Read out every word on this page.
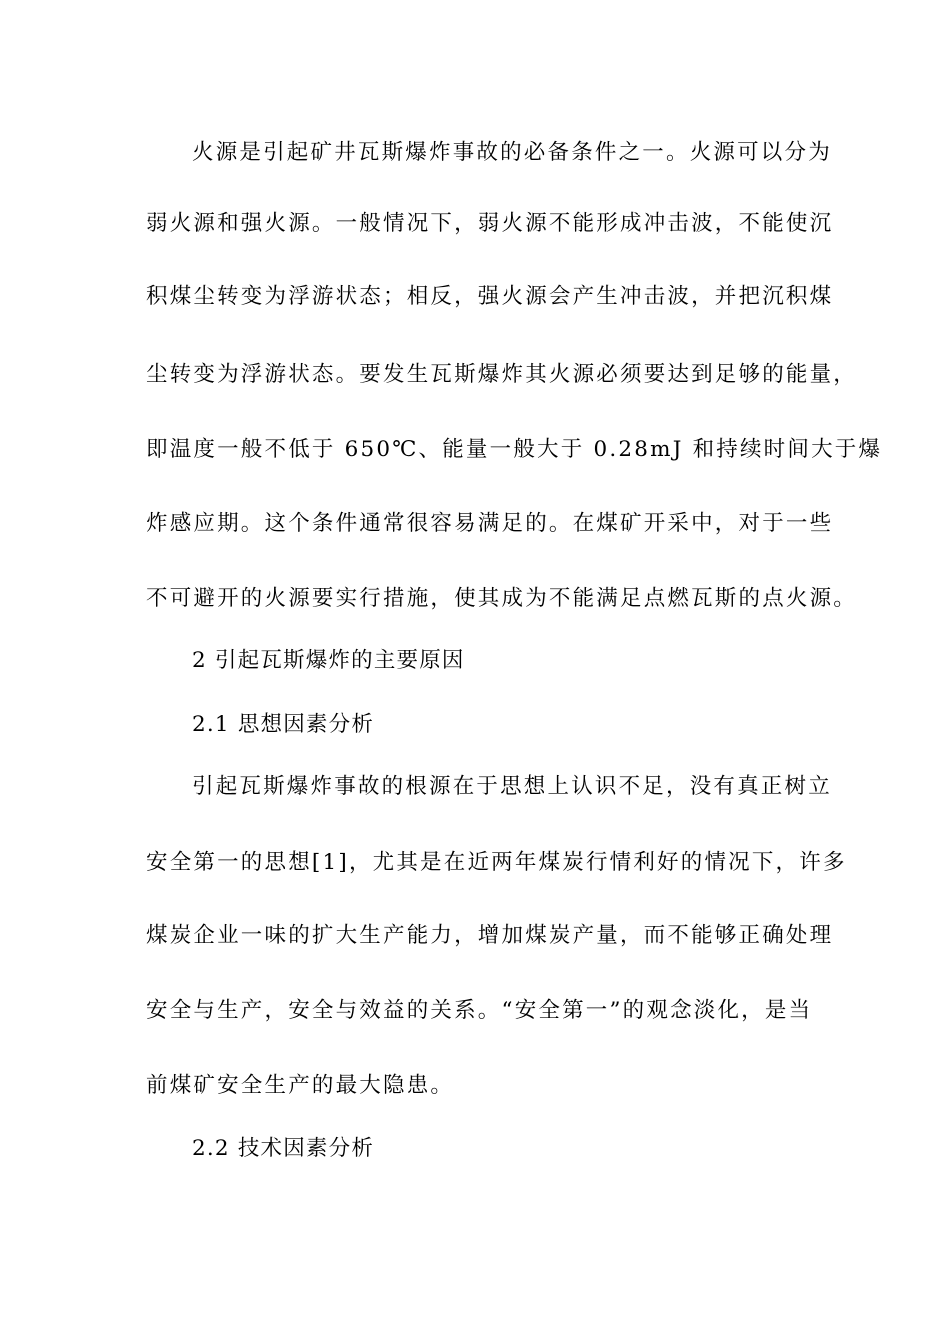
火源是引起矿井瓦斯爆炸事故的必备条件之一。火源可以分为
弱火源和强火源。一般情况下，弱火源不能形成冲击波，不能使沉
积煤尘转变为浮游状态；相反，强火源会产生冲击波，并把沉积煤
尘转变为浮游状态。要发生瓦斯爆炸其火源必须要达到足够的能量，
即温度一般不低于 650℃、能量一般大于 0.28mJ 和持续时间大于爆
炸感应期。这个条件通常很容易满足的。在煤矿开采中，对于一些
不可避开的火源要实行措施，使其成为不能满足点燃瓦斯的点火源。
2 引起瓦斯爆炸的主要原因
2.1 思想因素分析
引起瓦斯爆炸事故的根源在于思想上认识不足，没有真正树立
安全第一的思想[1]，尤其是在近两年煤炭行情利好的情况下，许多
煤炭企业一味的扩大生产能力，增加煤炭产量，而不能够正确处理
安全与生产，安全与效益的关系。“安全第一”的观念淡化，是当
前煤矿安全生产的最大隐患。
2.2 技术因素分析
